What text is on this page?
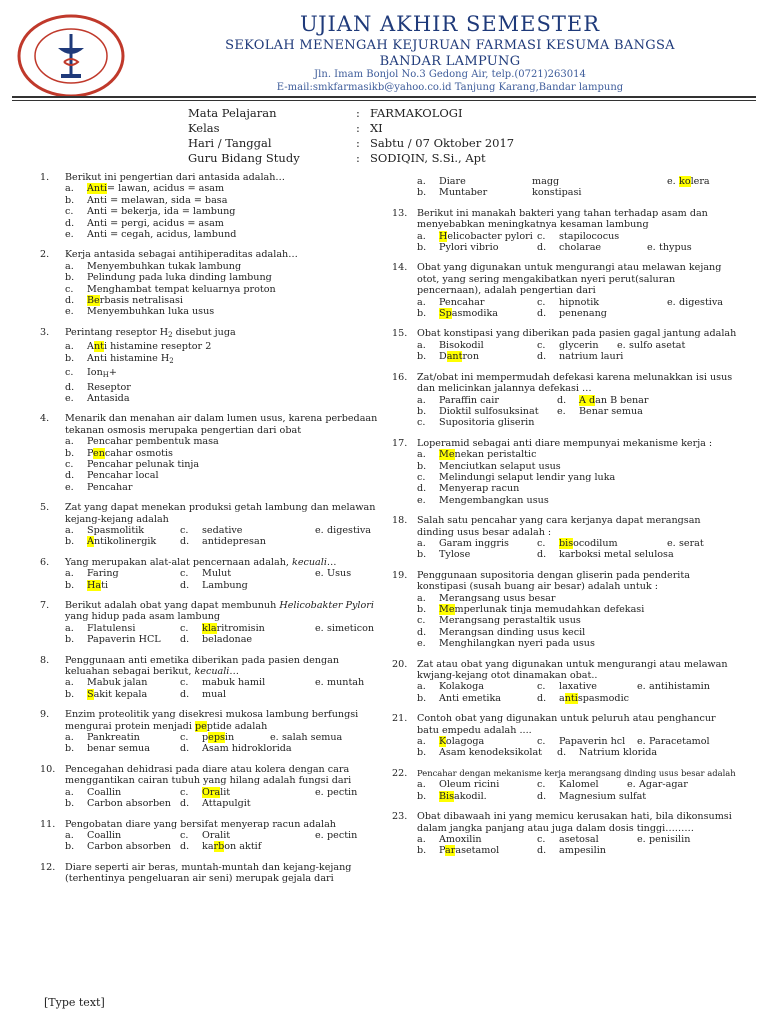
UJIAN AKHIR SEMESTER
SEKOLAH MENENGAH KEJURUAN FARMASI KESUMA BANGSA
BANDAR LAMPUNG
Jln. Imam Bonjol No.3 Gedong Air, telp.(0721)263014
E-mail:smkfarmasikb@yahoo.co.id Tanjung Karang,Bandar lampung
Mata Pelajaran	: FARMAKOLOGI
Kelas	: XI
Hari / Tanggal	: Sabtu / 07 Oktober 2017
Guru Bidang Study	: SODIQIN, S.Si., Apt
1. Berikut ini pengertian dari antasida adalah…
a. Anti= lawan, acidus = asam
b. Anti = melawan, sida = basa
c. Anti = bekerja, ida = lambung
d. Anti = pergi, acidus = asam
e. Anti = cegah, acidus, lambund
2. Kerja antasida sebagai antihiperaditas adalah…
a. Menyembuhkan tukak lambung
b. Pelindung pada luka dinding lambung
c. Menghambat tempat keluarnya proton
d. Berbasis netralisasi
e. Menyembuhkan luka usus
3. Perintang reseptor $H_2$ disebut juga
a. Anti histamine reseptor 2
b. Anti histamine $H_2$
c. Ion$_H$+
d. Reseptor
e. Antasida
4. Menarik dan menahan air dalam lumen usus, karena perbedaan tekanan osmosis merupaka pengertian dari obat
a. Pencahar pembentuk masa
b. Pencahar osmotis
c. Pencahar pelunak tinja
d. Pencahar local
e. Pencahar
5. Zat yang dapat menekan produksi getah lambung dan melawan kejang-kejang adalah
a. Spasmolitik	c. sedative	e. digestiva
b. Antikolinergik	d. antidepresan
6. Yang merupakan alat-alat pencernaan adalah, kecuali…
a. Faring	c. Mulut	e. Usus
b. Hati	d. Lambung
7. Berikut adalah obat yang dapat membunuh Helicobakter Pylori yang hidup pada asam lambung
a. Flatulensi	c. klaritromisin	e. simeticon
b. Papaverin HCL	d. beladonae
8. Penggunaan anti emetika diberikan pada pasien dengan keluahan sebagai berikut, kecuali…
a. Mabuk jalan	c. mabuk hamil	e. muntah
b. Sakit kepala	d. mual
9. Enzim proteolitik yang disekresi mukosa lambung berfungsi mengurai protein menjadi peptide adalah
a. Pankreatin	c. pepsin	e. salah semua
b. benar semua	d. Asam hidroklorida
10. Pencegahan dehidrasi pada diare atau kolera dengan cara menggantikan cairan tubuh yang hilang adalah fungsi dari
a. Coallin	c. Oralit	e. pectin
b. Carbon absorben d. Attapulgit
11. Pengobatan diare yang bersifat menyerap racun adalah
a. Coallin	c. Oralit	e. pectin
b. Carbon absorben d. karbon aktif
12. Diare seperti air beras, muntah-muntah dan kejang-kejang (terhentinya pengeluaran air seni) merupak gejala dari
a. Diare	magg	e. kolera
b. Muntaber	konstipasi
13. Berikut ini manakah bakteri yang tahan terhadap asam dan menyebabkan meningkatnya kesaman lambung
a. Helicobacter pylori c. stapilococus
b. Pylori vibrio	d. cholarae	e. thypus
14. Obat yang digunakan untuk mengurangi atau melawan kejang otot, yang sering mengakibatkan nyeri perut(saluran pencernaan), adalah pengertian dari
a. Pencahar	c. hipnotik	e. digestiva
b. Spasmodika	d. penenang
15. Obat konstipasi yang diberikan pada pasien gagal jantung adalah
a. Bisokodil	c. glycerin	e. sulfo asetat
b. Dantron	d. natrium lauri
16. Zat/obat ini mempermudah defekasi karena melunakkan isi usus dan melicinkan jalannya defekasi …
a. Paraffin cair	d. A dan B benar
b. Dioktil sulfosuksinat	e. Benar semua
c. Supositoria gliserin
17. Loperamid sebagai anti diare mempunyai mekanisme kerja :
a. Menekan peristaltic
b. Menciutkan selaput usus
c. Melindungi selaput lendir yang luka
d. Menyerap racun
e. Mengembangkan usus
18. Salah satu pencahar yang cara kerjanya dapat merangsan dinding usus besar adalah :
a. Garam inggris	c. bisocodilum	e. serat
b. Tylose	d. karboksi metal selulosa
19. Penggunaan supositoria dengan gliserin pada penderita konstipasi (susah buang air besar) adalah untuk :
a. Merangsang usus besar
b. Memperlunak tinja memudahkan defekasi
c. Merangsang perastaltik usus
d. Merangsan dinding usus kecil
e. Menghilangkan nyeri pada usus
20. Zat atau obat yang digunakan untuk mengurangi atau melawan kwjang-kejang otot dinamakan obat..
a. Kolakoga	c. laxative	e. antihistamin
b. Anti emetika	d. antispasmodic
21. Contoh obat yang digunakan untuk peluruh atau penghancur batu empedu adalah ....
a. Kolagoga	c. Papaverin hcl	e. Paracetamol
b. Asam kenodeksikolat	d. Natrium klorida
22. Pencahar dengan mekanisme kerja merangsang dinding usus besar adalah
a. Oleum ricini	c. Kalomel	e. Agar-agar
b. Bisakodil.	d. Magnesium sulfat
23. Obat dibawaah ini yang memicu kerusakan hati, bila dikonsumsi dalam jangka panjang atau juga dalam dosis tinggi………
a. Amoxilin	c. asetosal	e. penisilin
b. Parasetamol	d. ampesilin
[Type text]
